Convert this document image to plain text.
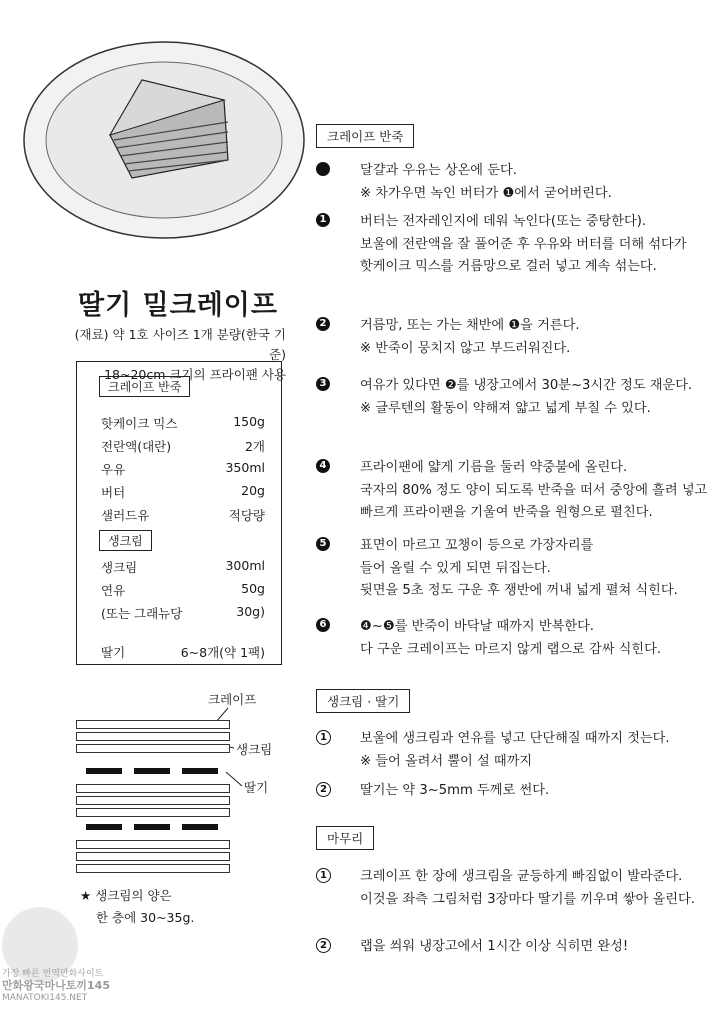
딸기 밀크레이프
(재료) 약 1호 사이즈 1개 분량(한국 기준)
18~20cm 크기의 프라이팬 사용
크레이프 반죽
핫케이크 믹스	150g
전란액(대란)	2개
우유	350ml
버터	20g
샐러드유	적당량
생크림
생크림	300ml
연유	50g
(또는 그래뉴당	30g)
딸기	6~8개(약 1팩)
크레이프
생크림
딸기
★ 생크림의 양은
한 층에 30~35g.
크레이프 반죽
달걀과 우유는 상온에 둔다.
※ 차가우면 녹인 버터가 ❶에서 굳어버린다.
1	버터는 전자레인지에 데워 녹인다(또는 중탕한다).
보울에 전란액을 잘 풀어준 후 우유와 버터를 더해 섞다가
핫케이크 믹스를 거름망으로 걸러 넣고 계속 섞는다.
2	거름망, 또는 가는 채반에 ❶을 거른다.
※ 반죽이 뭉치지 않고 부드러워진다.
3	여유가 있다면 ❷를 냉장고에서 30분~3시간 정도 재운다.
※ 글루텐의 활동이 약해져 얇고 넓게 부칠 수 있다.
4	프라이팬에 얇게 기름을 둘러 약중불에 올린다.
국자의 80% 정도 양이 되도록 반죽을 떠서 중앙에 흘려 넣고
빠르게 프라이팬을 기울여 반죽을 원형으로 펼친다.
5	표면이 마르고 꼬챙이 등으로 가장자리를
들어 올릴 수 있게 되면 뒤집는다.
뒷면을 5초 정도 구운 후 쟁반에 꺼내 넓게 펼쳐 식힌다.
6	❹~❺를 반죽이 바닥날 때까지 반복한다.
다 구운 크레이프는 마르지 않게 랩으로 감싸 식힌다.
생크림 · 딸기
1	보울에 생크림과 연유를 넣고 단단해질 때까지 젓는다.
※ 들어 올려서 뿔이 설 때까지
2	딸기는 약 3~5mm 두께로 썬다.
마무리
1	크레이프 한 장에 생크림을 균등하게 빠짐없이 발라준다.
이것을 좌측 그림처럼 3장마다 딸기를 끼우며 쌓아 올린다.
2	랩을 씌워 냉장고에서 1시간 이상 식히면 완성!
가장 빠른 번역만화사이트
만화왕국마나토끼145
MANATOKI145.NET
